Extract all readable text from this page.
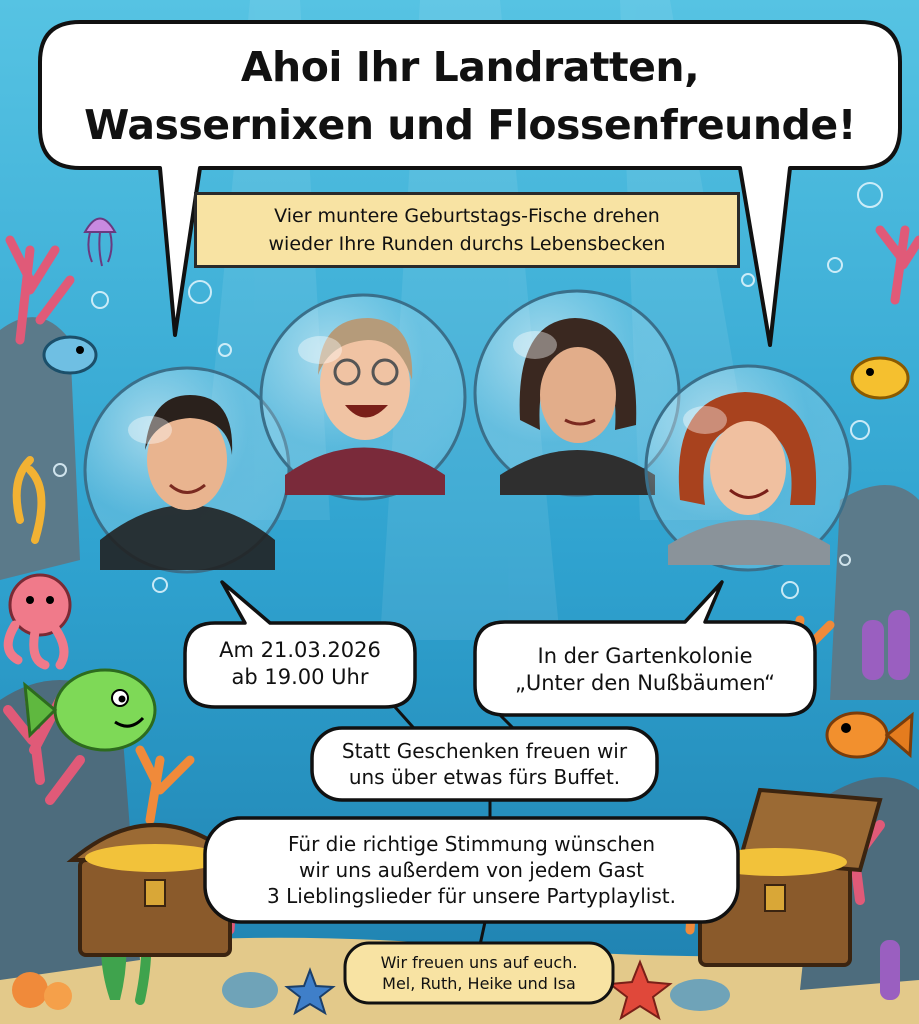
Ahoi Ihr Landratten,
Wassernixen und Flossenfreunde!
Vier muntere Geburtstags-Fische drehen
wieder Ihre Runden durchs Lebensbecken
Am 21.03.2026
ab 19.00 Uhr
In der Gartenkolonie
„Unter den Nußbäumen“
Statt Geschenken freuen wir
uns über etwas fürs Buffet.
Für die richtige Stimmung wünschen
wir uns außerdem von jedem Gast
3 Lieblingslieder für unsere Partyplaylist.
Wir freuen uns auf euch.
Mel, Ruth, Heike und Isa
